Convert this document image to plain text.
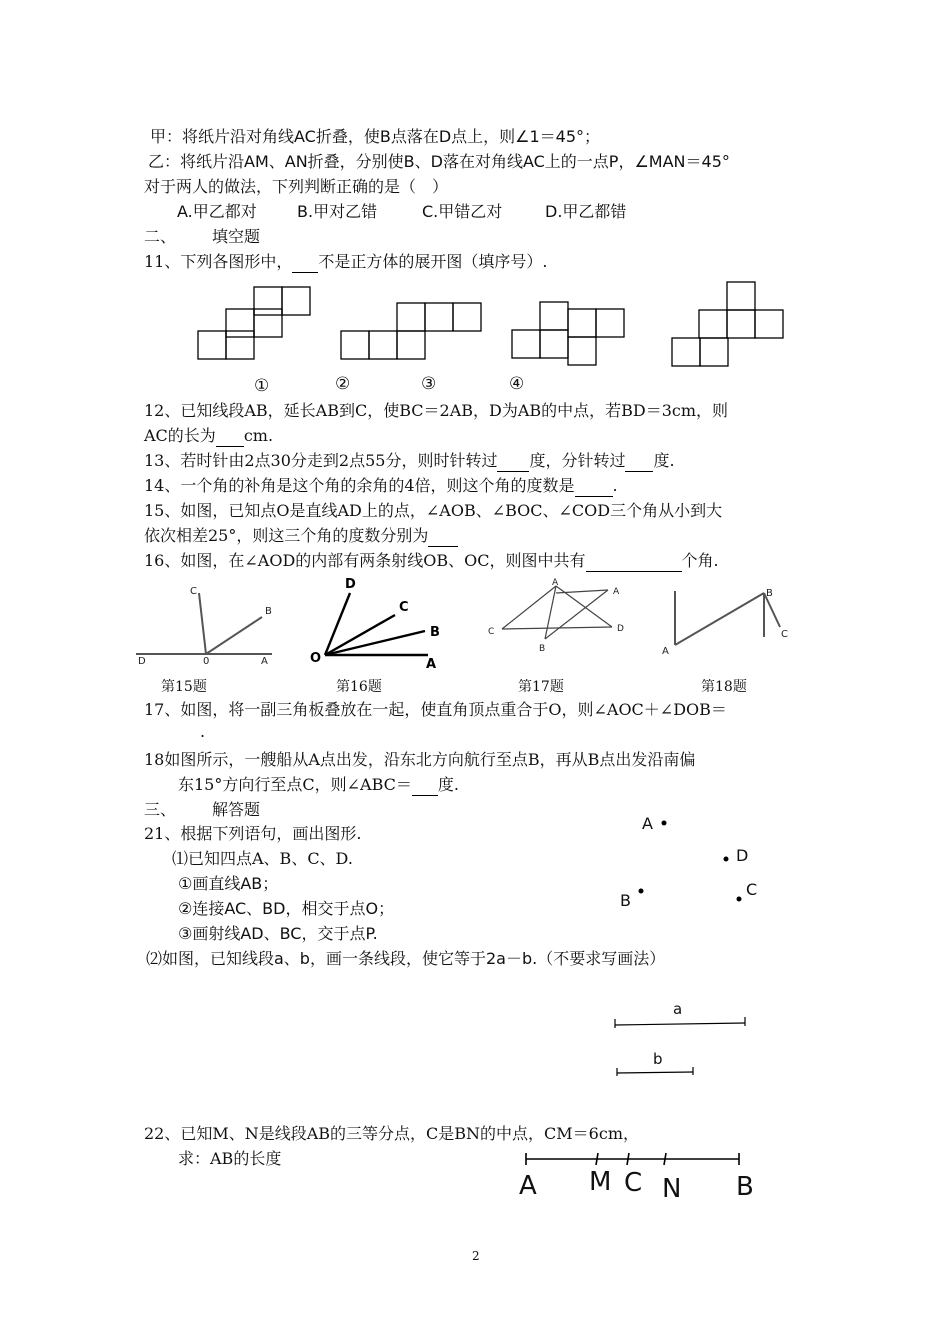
甲：将纸片沿对角线AC折叠，使B点落在D点上，则∠1＝45°；
乙：将纸片沿AM、AN折叠，分别使B、D落在对角线AC上的一点P，∠MAN＝45°
对于两人的做法，下列判断正确的是（　）
A.甲乙都对	B.甲对乙错	C.甲错乙对	D.甲乙都错
二、 填空题
11、下列各图形中， 不是正方体的展开图（填序号）.
①	②	③	④
12、已知线段AB，延长AB到C，使BC＝2AB，D为AB的中点，若BD＝3cm，则
AC的长为 cm.
13、若时针由2点30分走到2点55分，则时针转过 度，分针转过 度.
14、一个角的补角是这个角的余角的4倍，则这个角的度数是 .
15、如图，已知点O是直线AD上的点，∠AOB、∠BOC、∠COD三个角从小到大
依次相差25°，则这三个角的度数分别为
16、如图，在∠AOD的内部有两条射线OB、OC，则图中共有	个角.
C
B
D	0	A
D
C
B
O	A
A
A
C	D
B	A
B
C
第15题	第16题	第17题	第18题
17、如图，将一副三角板叠放在一起，使直角顶点重合于O，则∠AOC＋∠DOB＝
.
18如图所示，一艘船从A点出发，沿东北方向航行至点B，再从B点出发沿南偏
东15°方向行至点C，则∠ABC＝ 度.
三、 解答题
21、根据下列语句，画出图形.
⑴已知四点A、B、C、D.
①画直线AB；
②连接AC、BD，相交于点O；
③画射线AD、BC，交于点P.
⑵如图，已知线段a、b，画一条线段，使它等于2a－b.（不要求写画法）
A
D
B
C
a
b
22、已知M、N是线段AB的三等分点，C是BN的中点，CM＝6cm，
求：AB的长度
A M C N B
2
